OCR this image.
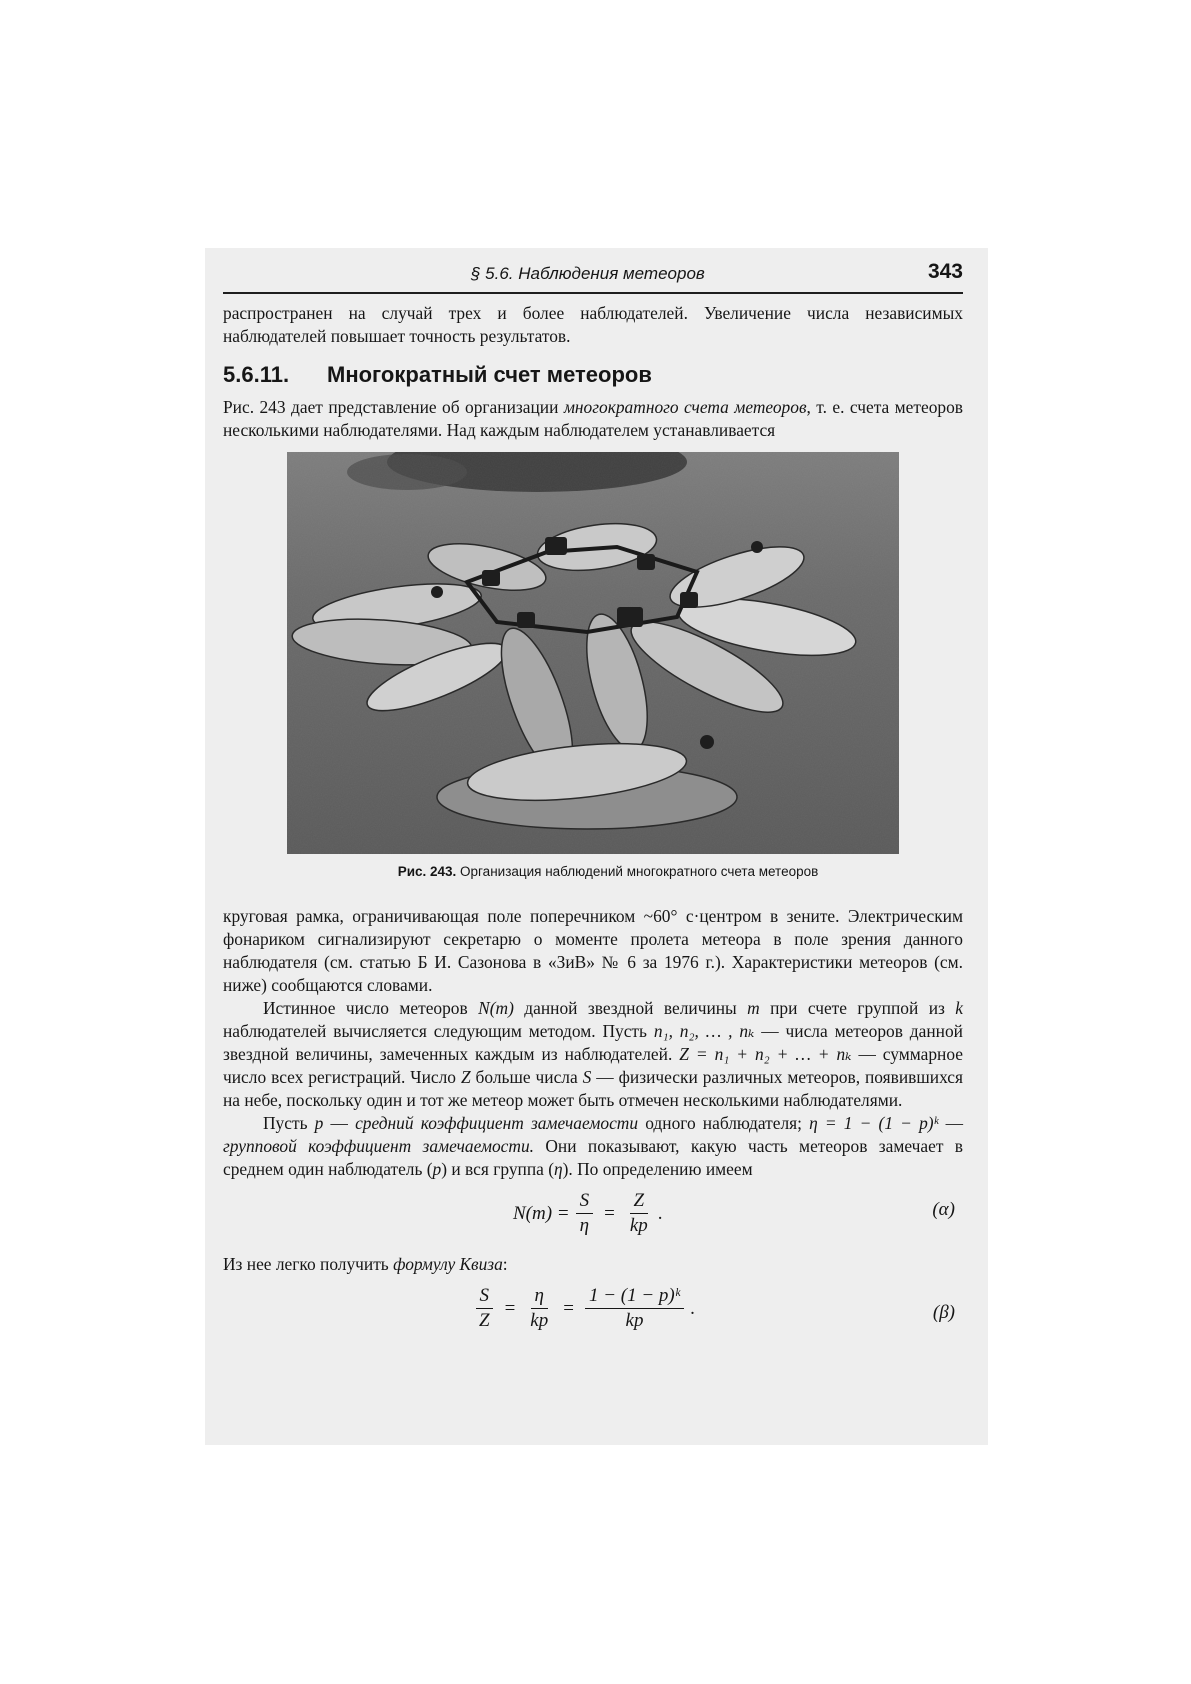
§ 5.6. Наблюдения метеоров	343

распространен на случай трех и более наблюдателей. Увеличение числа независимых наблюдателей повышает точность результатов.

5.6.11. Многократный счет метеоров

Рис. 243 дает представление об организации многократного счета метеоров, т. е. счета метеоров несколькими наблюдателями. Над каждым наблюдателем устанавливается

Рис. 243. Организация наблюдений многократного счета метеоров

круговая рамка, ограничивающая поле поперечником ~60° с·центром в зените. Электрическим фонариком сигнализируют секретарю о моменте пролета метеора в поле зрения данного наблюдателя (см. статью Б И. Сазонова в «ЗиВ» № 6 за 1976 г.). Характеристики метеоров (см. ниже) сообщаются словами.

Истинное число метеоров N(m) данной звездной величины m при счете группой из k наблюдателей вычисляется следующим методом. Пусть n₁, n₂, … , nₖ — числа метеоров данной звездной величины, замеченных каждым из наблюдателей. Z = n₁ + n₂ + … + nₖ — суммарное число всех регистраций. Число Z больше числа S — физически различных метеоров, появившихся на небе, поскольку один и тот же метеор может быть отмечен несколькими наблюдателями.

Пусть p — средний коэффициент замечаемости одного наблюдателя; η = 1 − (1 − p)ᵏ — групповой коэффициент замечаемости. Они показывают, какую часть метеоров замечает в среднем один наблюдатель (p) и вся группа (η). По определению имеем

$N(m) = \frac{S}{\eta} = \frac{Z}{kp}$ .	(α)

Из нее легко получить формулу Квиза:

$\frac{S}{Z} = \frac{\eta}{kp} = \frac{\text{1 − (1 − p)ᵏ}}{kp}$ .	(β)
